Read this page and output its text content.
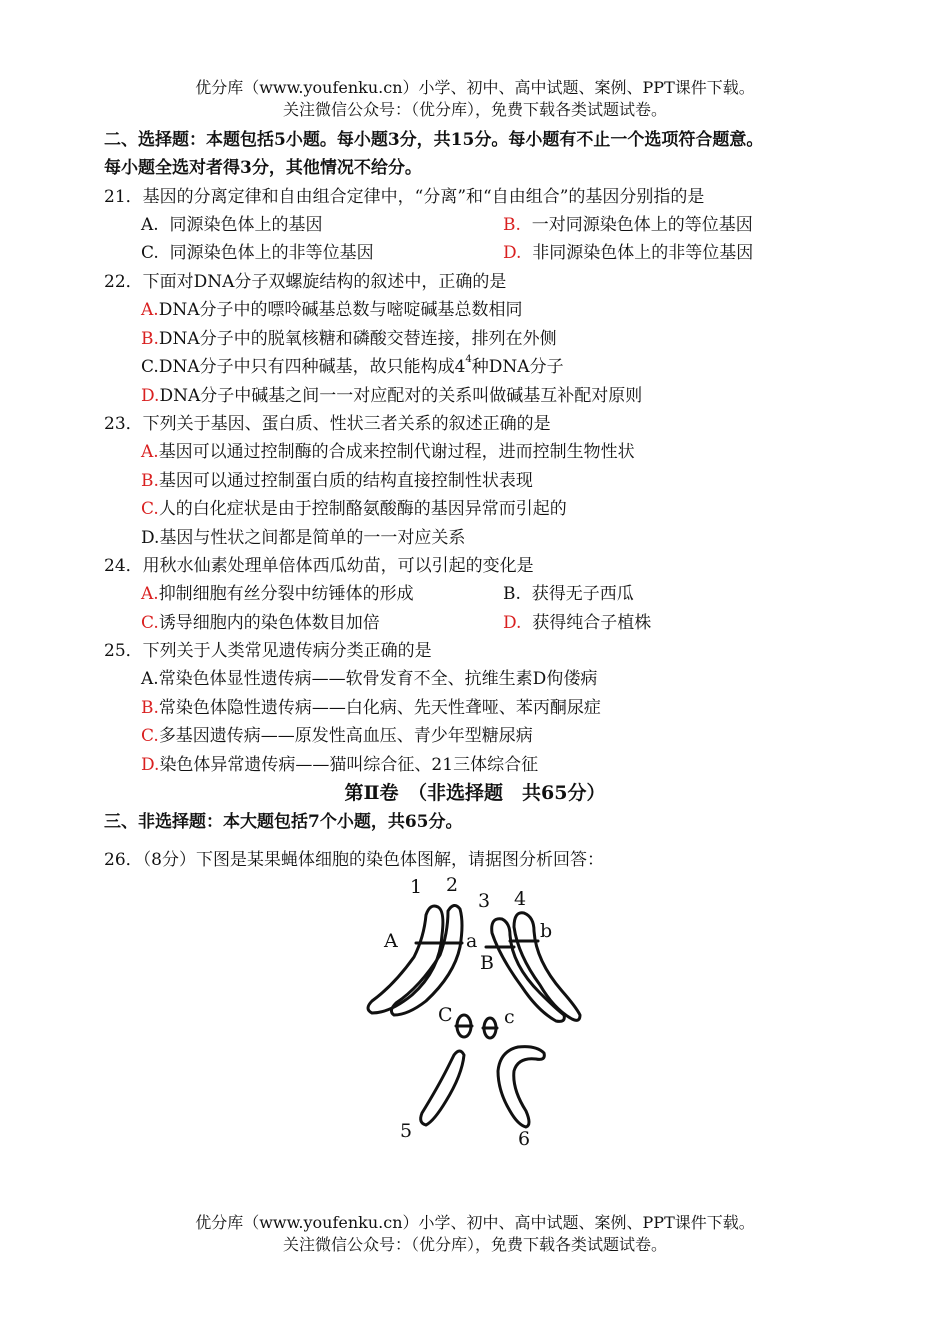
优分库（www.youfenku.cn）小学、初中、高中试题、案例、PPT课件下载。
关注微信公众号：（优分库），免费下载各类试题试卷。
二、选择题：本题包括5小题。每小题3分，共15分。每小题有不止一个选项符合题意。
每小题全选对者得3分，其他情况不给分。
21．基因的分离定律和自由组合定律中，“分离”和“自由组合”的基因分别指的是
A. 同源染色体上的基因	B. 一对同源染色体上的等位基因
C. 同源染色体上的非等位基因	D. 非同源染色体上的非等位基因
22．下面对DNA分子双螺旋结构的叙述中，正确的是
A.DNA分子中的嘌呤碱基总数与嘧啶碱基总数相同
B.DNA分子中的脱氧核糖和磷酸交替连接，排列在外侧
C.DNA分子中只有四种碱基，故只能构成$4^4$种DNA分子
D.DNA分子中碱基之间一一对应配对的关系叫做碱基互补配对原则
23．下列关于基因、蛋白质、性状三者关系的叙述正确的是
A.基因可以通过控制酶的合成来控制代谢过程，进而控制生物性状
B.基因可以通过控制蛋白质的结构直接控制性状表现
C.人的白化症状是由于控制酪氨酸酶的基因异常而引起的
D.基因与性状之间都是简单的一一对应关系
24．用秋水仙素处理单倍体西瓜幼苗，可以引起的变化是
A.抑制细胞有丝分裂中纺锤体的形成	B. 获得无子西瓜
C.诱导细胞内的染色体数目加倍	D. 获得纯合子植株
25．下列关于人类常见遗传病分类正确的是
A.常染色体显性遗传病——软骨发育不全、抗维生素D佝偻病
B.常染色体隐性遗传病——白化病、先天性聋哑、苯丙酮尿症
C.多基因遗传病——原发性高血压、青少年型糖尿病
D.染色体异常遗传病——猫叫综合征、21三体综合征
第Ⅱ卷　（非选择题　共65分）
三、非选择题：本大题包括7个小题，共65分。
26．（8分）下图是某果蝇体细胞的染色体图解，请据图分析回答：
1 2
3 4
A	a
B
b
C	c
5	6
优分库（www.youfenku.cn）小学、初中、高中试题、案例、PPT课件下载。
关注微信公众号：（优分库），免费下载各类试题试卷。
